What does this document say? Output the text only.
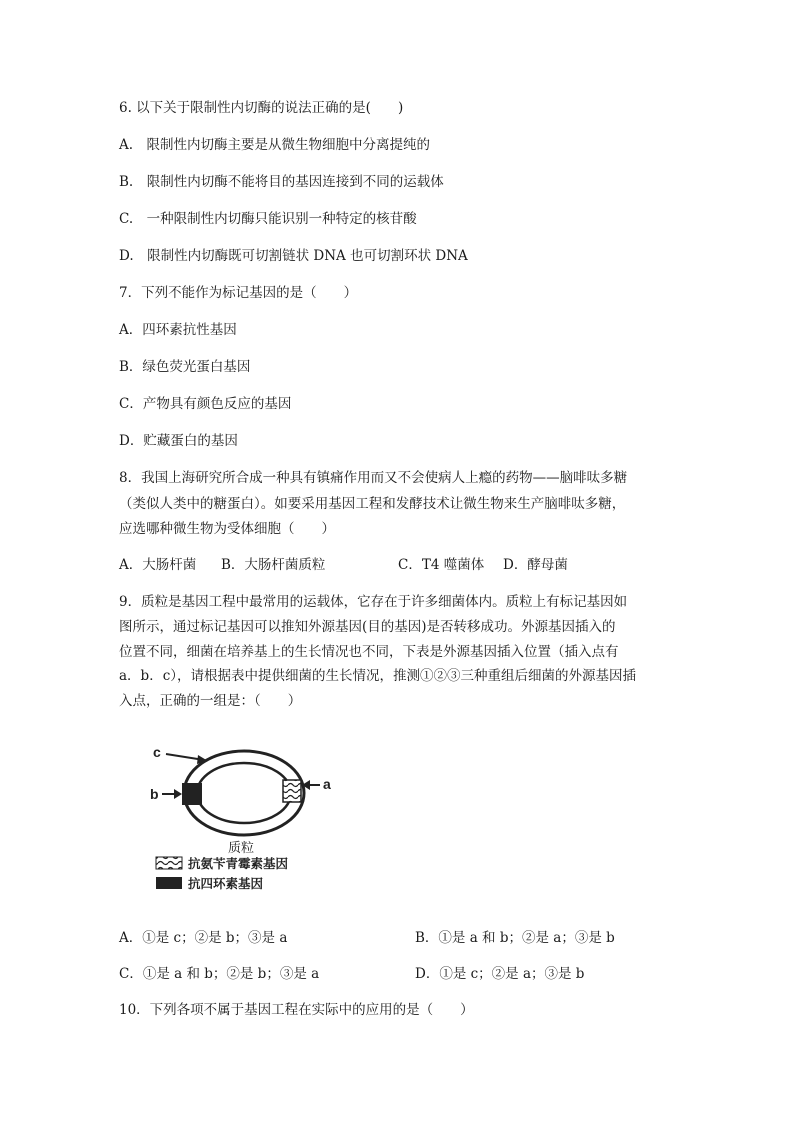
6. 以下关于限制性内切酶的说法正确的是(　　)
A.　限制性内切酶主要是从微生物细胞中分离提纯的
B.　限制性内切酶不能将目的基因连接到不同的运载体
C.　一种限制性内切酶只能识别一种特定的核苷酸
D.　限制性内切酶既可切割链状 DNA 也可切割环状 DNA
7．下列不能作为标记基因的是（　　）
A．四环素抗性基因
B．绿色荧光蛋白基因
C．产物具有颜色反应的基因
D．贮藏蛋白的基因
8．我国上海研究所合成一种具有镇痛作用而又不会使病人上瘾的药物——脑啡呔多糖
（类似人类中的糖蛋白）。如要采用基因工程和发酵技术让微生物来生产脑啡呔多糖，
应选哪种微生物为受体细胞（　　）
A．大肠杆菌 B．大肠杆菌质粒	C．T4 噬菌体 D．酵母菌
9．质粒是基因工程中最常用的运载体，它存在于许多细菌体内。质粒上有标记基因如
图所示，通过标记基因可以推知外源基因(目的基因)是否转移成功。外源基因插入的
位置不同，细菌在培养基上的生长情况也不同，下表是外源基因插入位置（插入点有
a．b．c），请根据表中提供细菌的生长情况，推测①②③三种重组后细菌的外源基因插
入点，正确的一组是：（　　）
c
b
a
质粒
抗氨苄青霉素基因
抗四环素基因
A．①是 c；②是 b；③是 a	B．①是 a 和 b；②是 a；③是 b
C．①是 a 和 b；②是 b；③是 a	D．①是 c；②是 a；③是 b
10．下列各项不属于基因工程在实际中的应用的是（　　）
